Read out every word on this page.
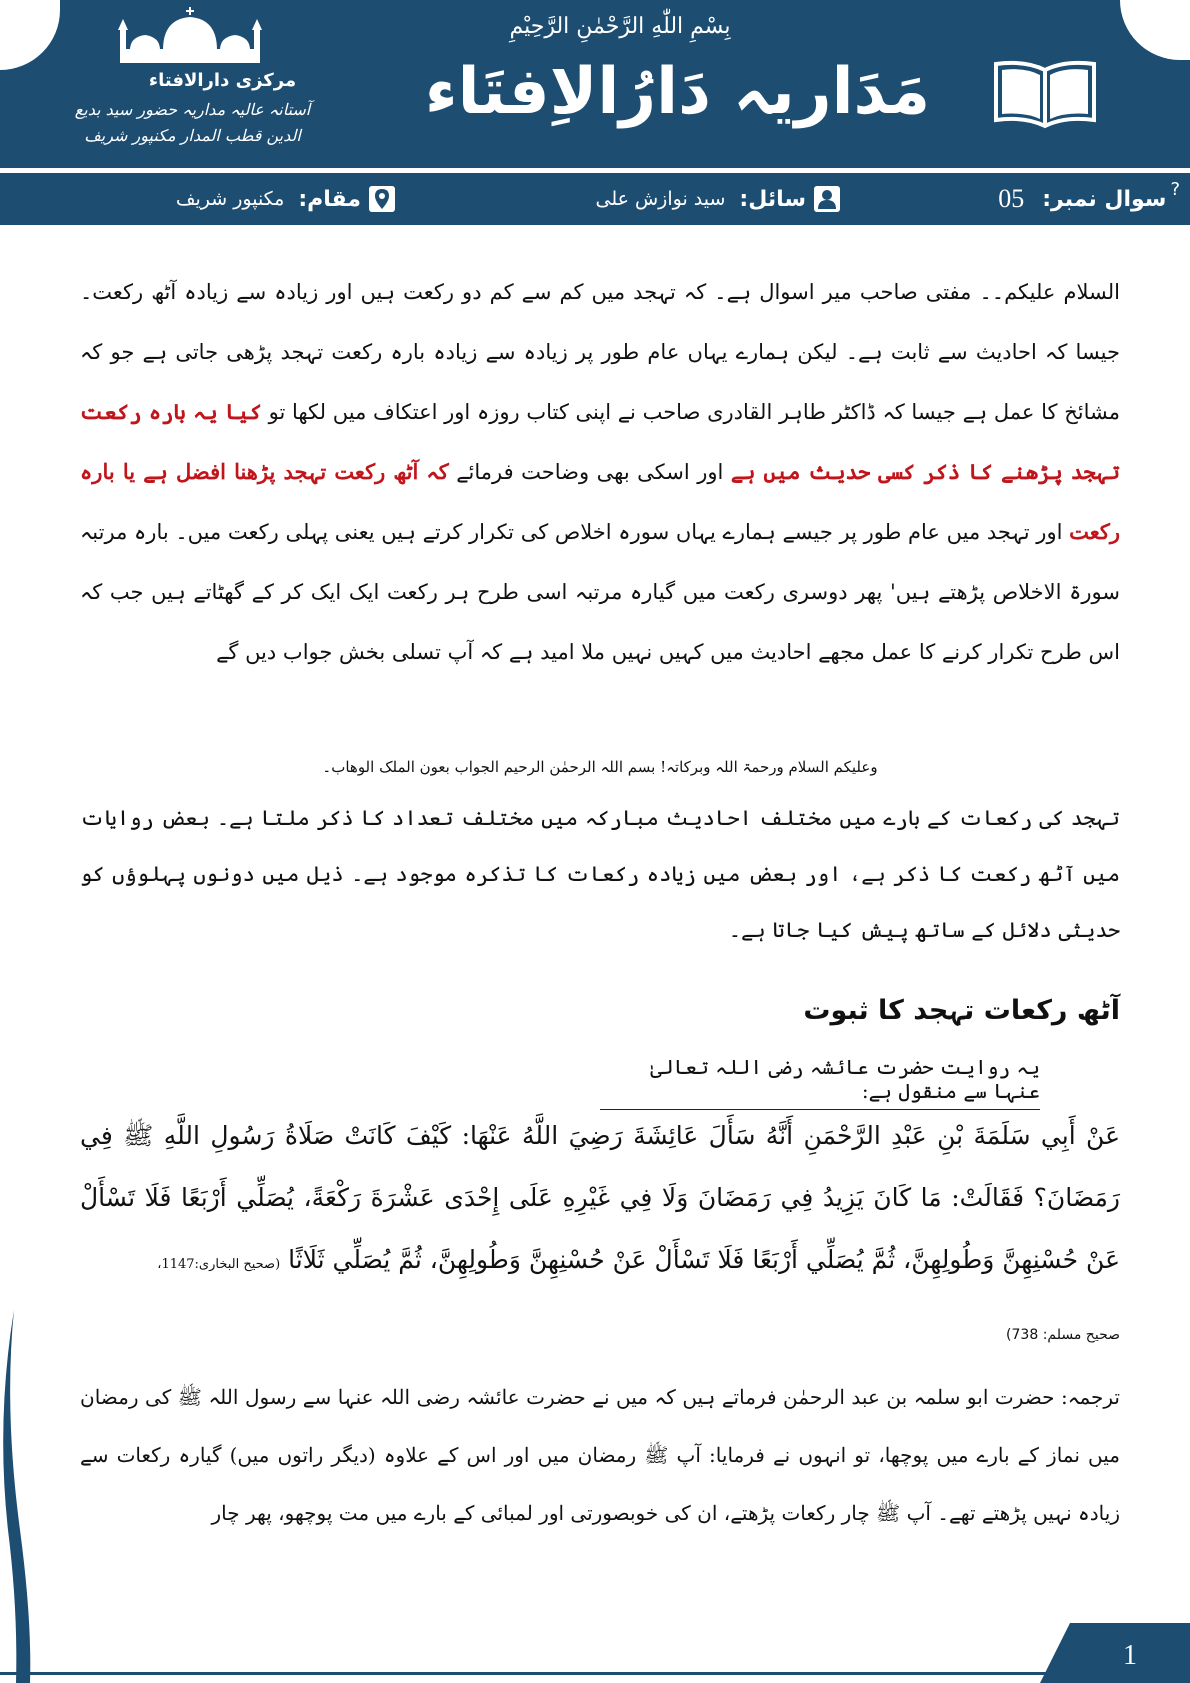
مرکزی دارالافتاء
آستانہ عالیہ مداریہ حضور سید بدیع الدین قطب المدار مکنپور شریف
بِسْمِ اللّٰهِ الرَّحْمٰنِ الرَّحِیْمِ
مَدَاریہ دَارُالاِفتَاء
?
سوال نمبر:
05
سائل:
سید نوازش علی
مقام:
مکنپور شریف
السلام علیکم۔۔ مفتی صاحب میر اسوال ہے۔ کہ تہجد میں کم سے کم دو رکعت ہیں اور زیادہ سے زیادہ آٹھ رکعت۔ جیسا کہ احادیث سے ثابت ہے۔ لیکن ہمارے یہاں عام طور پر زیادہ سے زیادہ بارہ رکعت تہجد پڑھی جاتی ہے جو کہ مشائخ کا عمل ہے جیسا کہ ڈاکٹر طاہر القادری صاحب نے اپنی کتاب روزہ اور اعتکاف میں لکھا تو کیا یہ بارہ رکعت تہجد پڑھنے کا ذکر کسی حدیث میں ہے اور اسکی بھی وضاحت فرمائے کہ آٹھ رکعت تہجد پڑھنا افضل ہے یا بارہ رکعت اور تہجد میں عام طور پر جیسے ہمارے یہاں سورہ اخلاص کی تکرار کرتے ہیں یعنی پہلی رکعت میں۔ بارہ مرتبہ سورۃ الاخلاص پڑھتے ہیں' پھر دوسری رکعت میں گیارہ مرتبہ اسی طرح ہر رکعت ایک ایک کر کے گھٹاتے ہیں جب کہ اس طرح تکرار کرنے کا عمل مجھے احادیث میں کہیں نہیں ملا امید ہے کہ آپ تسلی بخش جواب دیں گے
وعلیکم السلام ورحمۃ اللہ وبرکاتہ! بسم اللہ الرحمٰن الرحیم الجواب بعون الملک الوھاب۔
تہجد کی رکعات کے بارے میں مختلف احادیث مبارکہ میں مختلف تعداد کا ذکر ملتا ہے۔ بعض روایات میں آٹھ رکعت کا ذکر ہے، اور بعض میں زیادہ رکعات کا تذکرہ موجود ہے۔ ذیل میں دونوں پہلوؤں کو حدیثی دلائل کے ساتھ پیش کیا جاتا ہے۔
آٹھ رکعات تہجد کا ثبوت
یہ روایت حضرت عائشہ رضی اللہ تعالیٰ عنہا سے منقول ہے:
عَنْ أَبِي سَلَمَةَ بْنِ عَبْدِ الرَّحْمَنِ أَنَّهُ سَأَلَ عَائِشَةَ رَضِيَ اللَّهُ عَنْهَا: كَيْفَ كَانَتْ صَلَاةُ رَسُولِ اللَّهِ ﷺ فِي رَمَضَانَ؟ فَقَالَتْ: مَا كَانَ يَزِيدُ فِي رَمَضَانَ وَلَا فِي غَيْرِهِ عَلَى إِحْدَى عَشْرَةَ رَكْعَةً، يُصَلِّي أَرْبَعًا فَلَا تَسْأَلْ عَنْ حُسْنِهِنَّ وَطُولِهِنَّ، ثُمَّ يُصَلِّي أَرْبَعًا فَلَا تَسْأَلْ عَنْ حُسْنِهِنَّ وَطُولِهِنَّ، ثُمَّ يُصَلِّي ثَلَاثًا (صحیح البخاری:1147،
صحیح مسلم: 738)
ترجمہ: حضرت ابو سلمہ بن عبد الرحمٰن فرماتے ہیں کہ میں نے حضرت عائشہ رضی اللہ عنہا سے رسول اللہ ﷺ کی رمضان میں نماز کے بارے میں پوچھا، تو انہوں نے فرمایا: آپ ﷺ رمضان میں اور اس کے علاوہ (دیگر راتوں میں) گیارہ رکعات سے زیادہ نہیں پڑھتے تھے۔ آپ ﷺ چار رکعات پڑھتے، ان کی خوبصورتی اور لمبائی کے بارے میں مت پوچھو، پھر چار
1
